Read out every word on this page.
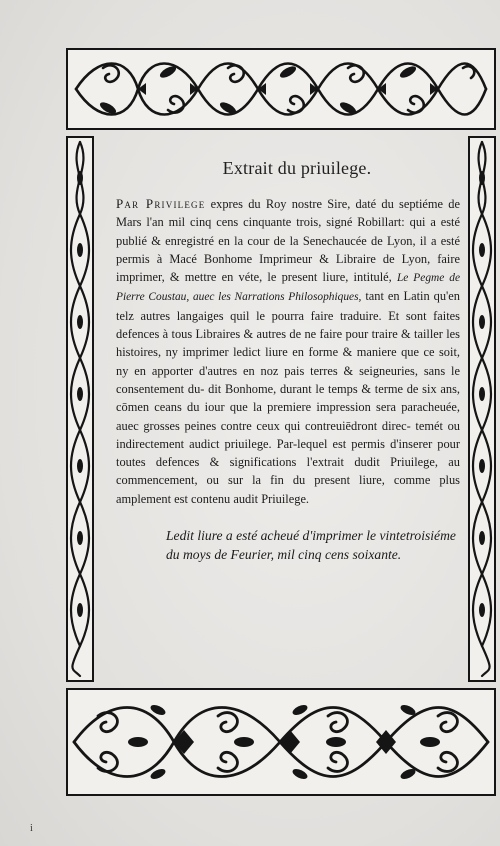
Extrait du priuilege.

Par Privilege expres du Roy nostre Sire, daté du septiéme de Mars l'an mil cinq cens cinquante trois, signé Robillart: qui a esté publié & enregistré en la cour de la Senechaucée de Lyon, il a esté permis à Macé Bonhome Imprimeur & Libraire de Lyon, faire imprimer, & mettre en véte, le present liure, intitulé, Le Pegme de Pierre Coustau, auec les Narrations Philosophiques, tant en Latin qu'en telz autres langaiges quil le pourra faire traduire. Et sont faites defences à tous Libraires & autres de ne faire pour traire & tailler les histoires, ny imprimer ledict liure en forme & maniere que ce soit, ny en apporter d'autres en noz pais terres & seigneuries, sans le consentement du- dit Bonhome, durant le temps & terme de six ans, cōmen ceans du iour que la premiere impression sera paracheuée, auec grosses peines contre ceux qui contreuiēdront direc- temét ou indirectement audict priuilege. Par-lequel est permis d'inserer pour toutes defences & significations l'extrait dudit Priuilege, au commencement, ou sur la fin du present liure, comme plus amplement est contenu audit Priuilege.

Ledit liure a esté acheué d'imprimer le vintetroisiéme du moys de Feurier, mil cinq cens soixante.
i
